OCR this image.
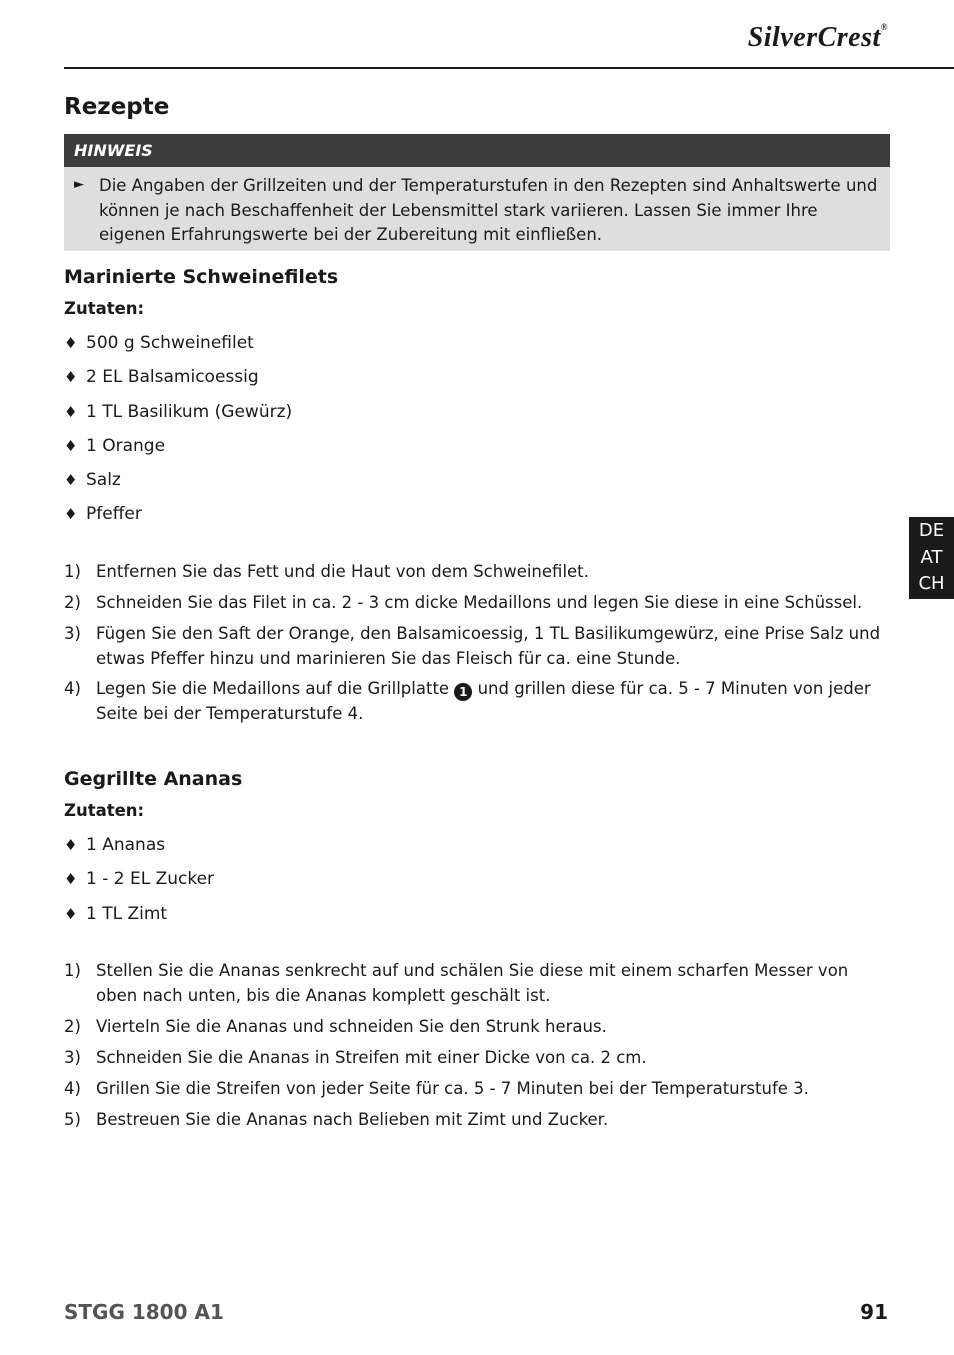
SilverCrest®
Rezepte
HINWEIS
► Die Angaben der Grillzeiten und der Temperaturstufen in den Rezepten sind Anhaltswerte und können je nach Beschaffenheit der Lebensmittel stark variieren. Lassen Sie immer Ihre eigenen Erfahrungswerte bei der Zubereitung mit einfließen.
Marinierte Schweinefilets
Zutaten:
♦ 500 g Schweinefilet
♦ 2 EL Balsamicoessig
♦ 1 TL Basilikum (Gewürz)
♦ 1 Orange
♦ Salz
♦ Pfeffer
1) Entfernen Sie das Fett und die Haut von dem Schweinefilet.
2) Schneiden Sie das Filet in ca. 2 - 3 cm dicke Medaillons und legen Sie diese in eine Schüssel.
3) Fügen Sie den Saft der Orange, den Balsamicoessig, 1 TL Basilikumgewürz, eine Prise Salz und etwas Pfeffer hinzu und marinieren Sie das Fleisch für ca. eine Stunde.
4) Legen Sie die Medaillons auf die Grillplatte 1 und grillen diese für ca. 5 - 7 Minuten von jeder Seite bei der Temperaturstufe 4.
Gegrillte Ananas
Zutaten:
♦ 1 Ananas
♦ 1 - 2 EL Zucker
♦ 1 TL Zimt
1) Stellen Sie die Ananas senkrecht auf und schälen Sie diese mit einem scharfen Messer von oben nach unten, bis die Ananas komplett geschält ist.
2) Vierteln Sie die Ananas und schneiden Sie den Strunk heraus.
3) Schneiden Sie die Ananas in Streifen mit einer Dicke von ca. 2 cm.
4) Grillen Sie die Streifen von jeder Seite für ca. 5 - 7 Minuten bei der Temperaturstufe 3.
5) Bestreuen Sie die Ananas nach Belieben mit Zimt und Zucker.
DE
AT
CH
STGG 1800 A1	91
